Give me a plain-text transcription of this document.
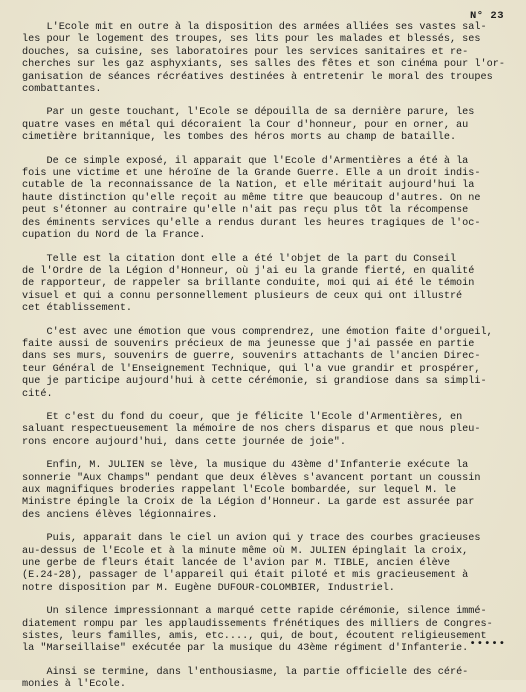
N° 23

L'Ecole mit en outre à la disposition des armées alliées ses vastes sal-
les pour le logement des troupes, ses lits pour les malades et blessés, ses
douches, sa cuisine, ses laboratoires pour les services sanitaires et re-
cherches sur les gaz asphyxiants, ses salles des fêtes et son cinéma pour l'or-
ganisation de séances récréatives destinées à entretenir le moral des troupes
combattantes.

Par un geste touchant, l'Ecole se dépouilla de sa dernière parure, les
quatre vases en métal qui décoraient la Cour d'honneur, pour en orner, au
cimetière britannique, les tombes des héros morts au champ de bataille.

De ce simple exposé, il apparait que l'Ecole d'Armentières a été à la
fois une victime et une héroïne de la Grande Guerre. Elle a un droit indis-
cutable de la reconnaissance de la Nation, et elle méritait aujourd'hui la
haute distinction qu'elle reçoit au même titre que beaucoup d'autres. On ne
peut s'étonner au contraire qu'elle n'ait pas reçu plus tôt la récompense
des éminents services qu'elle a rendus durant les heures tragiques de l'oc-
cupation du Nord de la France.

Telle est la citation dont elle a été l'objet de la part du Conseil
de l'Ordre de la Légion d'Honneur, où j'ai eu la grande fierté, en qualité
de rapporteur, de rappeler sa brillante conduite, moi qui ai été le témoin
visuel et qui a connu personnellement plusieurs de ceux qui ont illustré
cet établissement.

C'est avec une émotion que vous comprendrez, une émotion faite d'orgueil,
faite aussi de souvenirs précieux de ma jeunesse que j'ai passée en partie
dans ses murs, souvenirs de guerre, souvenirs attachants de l'ancien Direc-
teur Général de l'Enseignement Technique, qui l'a vue grandir et prospérer,
que je participe aujourd'hui à cette cérémonie, si grandiose dans sa simpli-
cité.

Et c'est du fond du coeur, que je félicite l'Ecole d'Armentières, en
saluant respectueusement la mémoire de nos chers disparus et que nous pleu-
rons encore aujourd'hui, dans cette journée de joie".

Enfin, M. JULIEN se lève, la musique du 43ème d'Infanterie exécute la
sonnerie "Aux Champs" pendant que deux élèves s'avancent portant un coussin
aux magnifiques broderies rappelant l'Ecole bombardée, sur lequel M. le
Ministre épingle la Croix de la Légion d'Honneur. La garde est assurée par
des anciens élèves légionnaires.

Puis, apparait dans le ciel un avion qui y trace des courbes gracieuses
au-dessus de l'Ecole et à la minute même où M. JULIEN épinglait la croix,
une gerbe de fleurs était lancée de l'avion par M. TIBLE, ancien élève
(E.24-28), passager de l'appareil qui était piloté et mis gracieusement à
notre disposition par M. Eugène DUFOUR-COLOMBIER, Industriel.

Un silence impressionnant a marqué cette rapide cérémonie, silence immé-
diatement rompu par les applaudissements frénétiques des milliers de Congres-
sistes, leurs familles, amis, etc...., qui, de bout, écoutent religieusement
la "Marseillaise" exécutée par la musique du 43ème régiment d'Infanterie.

Ainsi se termine, dans l'enthousiasme, la partie officielle des céré-
monies à l'Ecole.

•••••
